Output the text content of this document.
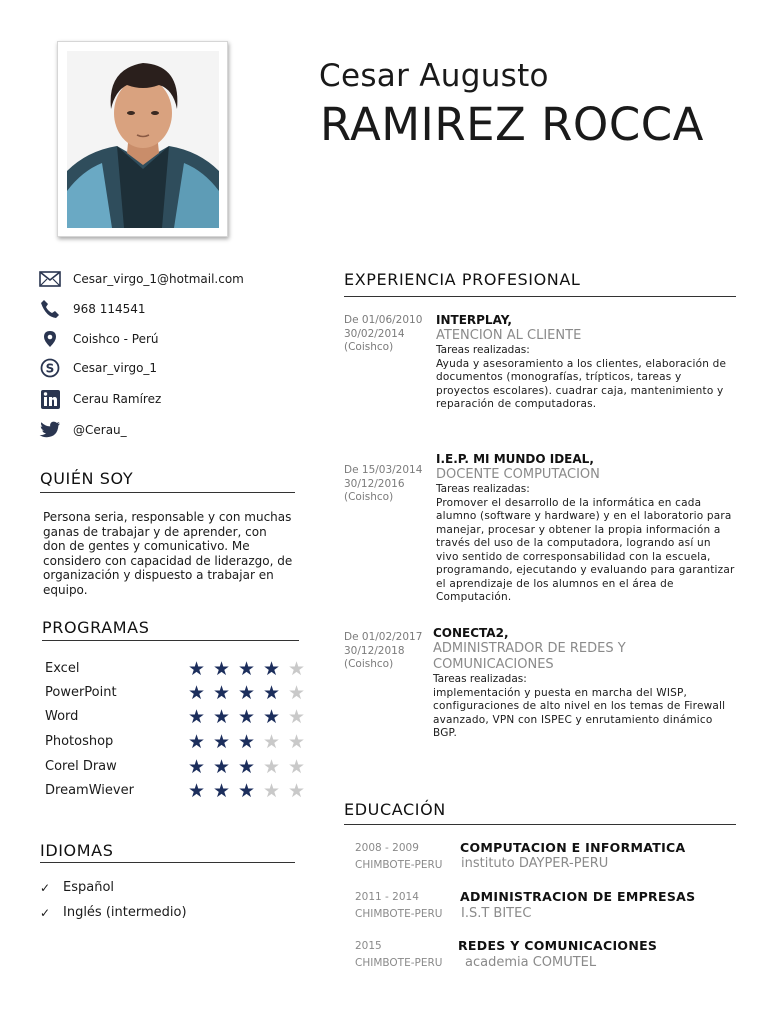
Cesar Augusto
RAMIREZ ROCCA
Cesar_virgo_1@hotmail.com
968 114541
Coishco - Perú
S Cesar_virgo_1
Cerau Ramírez
@Cerau_
QUIÉN SOY
Persona seria, responsable y con muchas ganas de trabajar y de aprender, con don de gentes y comunicativo. Me considero con capacidad de liderazgo, de organización y dispuesto a trabajar en equipo.
PROGRAMAS
Excel	★ ★ ★ ★ ★
PowerPoint	★ ★ ★ ★ ★
Word	★ ★ ★ ★ ★
Photoshop	★ ★ ★ ★ ★
Corel Draw	★ ★ ★ ★ ★
DreamWiever	★ ★ ★ ★ ★
IDIOMAS
✓ Español
✓ Inglés (intermedio)
EXPERIENCIA PROFESIONAL
De 01/06/2010
30/02/2014
(Coishco)
INTERPLAY,
ATENCION AL CLIENTE
Tareas realizadas:
Ayuda y asesoramiento a los clientes, elaboración de documentos (monografías, trípticos, tareas y proyectos escolares). cuadrar caja, mantenimiento y reparación de computadoras.
De 15/03/2014
30/12/2016
(Coishco)
I.E.P. MI MUNDO IDEAL,
DOCENTE COMPUTACION
Tareas realizadas:
Promover el desarrollo de la informática en cada alumno (software y hardware) y en el laboratorio para manejar, procesar y obtener la propia información a través del uso de la computadora, logrando así un vivo sentido de corresponsabilidad con la escuela, programando, ejecutando y evaluando para garantizar el aprendizaje de los alumnos en el área de Computación.
De 01/02/2017
30/12/2018
(Coishco)
CONECTA2,
ADMINISTRADOR DE REDES Y COMUNICACIONES
Tareas realizadas:
implementación y puesta en marcha del WISP, configuraciones de alto nivel en los temas de Firewall avanzado, VPN con ISPEC y enrutamiento dinámico BGP.
EDUCACIÓN
2008 - 2009
CHIMBOTE-PERU
COMPUTACION E INFORMATICA
instituto DAYPER-PERU
2011 - 2014
CHIMBOTE-PERU
ADMINISTRACION DE EMPRESAS
I.S.T BITEC
2015
CHIMBOTE-PERU
REDES Y COMUNICACIONES
academia COMUTEL
